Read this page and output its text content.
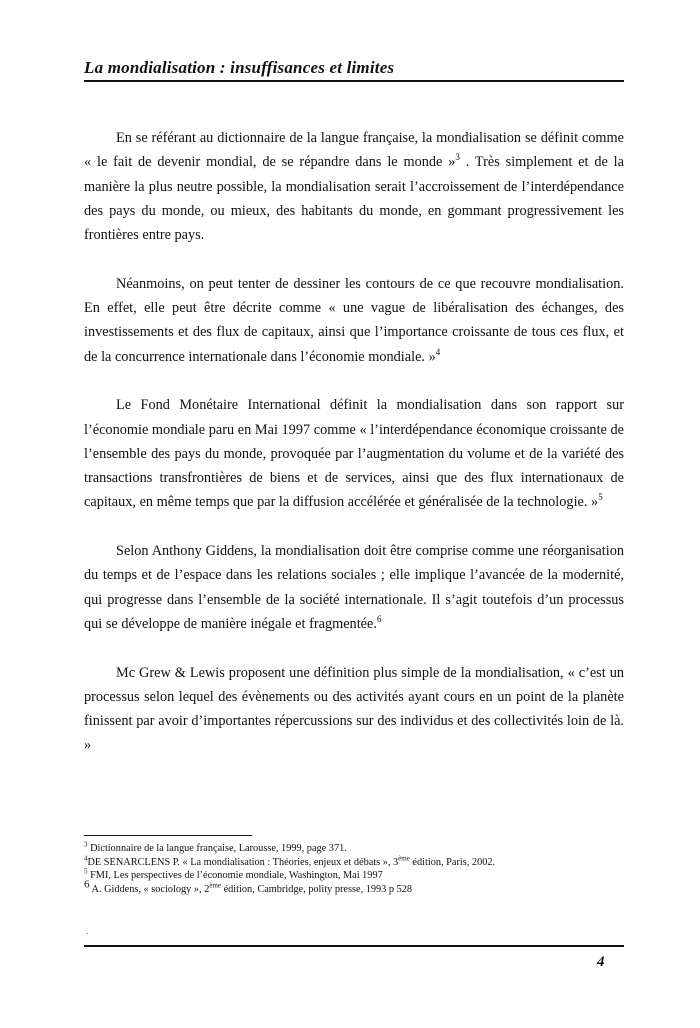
La mondialisation : insuffisances et limites

En se référant au dictionnaire de la langue française, la mondialisation se définit comme « le fait de devenir mondial, de se répandre dans le monde »$^3$ . Très simplement et de la manière la plus neutre possible, la mondialisation serait l’accroissement de l’interdépendance des pays du monde, ou mieux, des habitants du monde, en gommant progressivement les frontières entre pays.

Néanmoins, on peut tenter de dessiner les contours de ce que recouvre mondialisation. En effet, elle peut être décrite comme « une vague de libéralisation des échanges, des investissements et des flux de capitaux, ainsi que l’importance croissante de tous ces flux, et de la concurrence internationale dans l’économie mondiale. »$^4$

Le Fond Monétaire International définit la mondialisation dans son rapport sur l’économie mondiale paru en Mai 1997 comme « l’interdépendance économique croissante de l’ensemble des pays du monde, provoquée par l’augmentation du volume et de la variété des transactions transfrontières de biens et de services, ainsi que des flux internationaux de capitaux, en même temps que par la diffusion accélérée et généralisée de la technologie. »$^5$

Selon Anthony Giddens, la mondialisation doit être comprise comme une réorganisation du temps et de l’espace dans les relations sociales ; elle implique l’avancée de la modernité, qui progresse dans l’ensemble de la société internationale. Il s’agit toutefois d’un processus qui se développe de manière inégale et fragmentée.$^6$

Mc Grew & Lewis proposent une définition plus simple de la mondialisation, « c’est un processus selon lequel des évènements ou des activités ayant cours en un point de la planète finissent par avoir d’importantes répercussions sur des individus et des collectivités loin de là. »

$^3$ Dictionnaire de la langue française, Larousse, 1999, page 371.

$^4$DE SENARCLENS P. « La mondialisation : Théories, enjeux et débats », 3ème édition, Paris, 2002.

$^5$ FMI, Les perspectives de l’économie mondiale, Washington, Mai 1997

6 A. Giddens, « sociology », 2ème édition, Cambridge, polity presse, 1993 p 528

.
4
